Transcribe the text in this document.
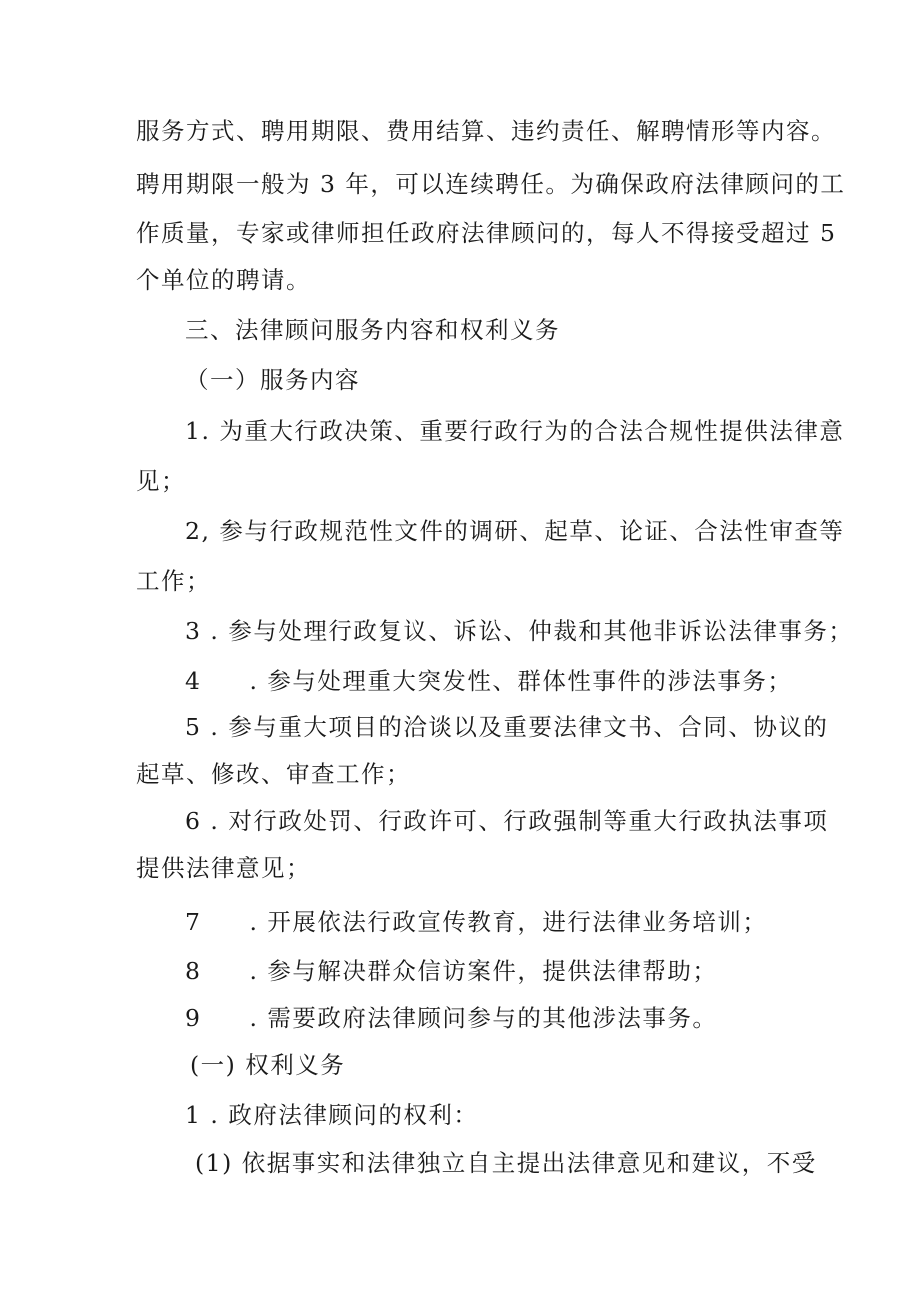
服务方式、聘用期限、费用结算、违约责任、解聘情形等内容。
聘用期限一般为 3 年，可以连续聘任。为确保政府法律顾问的工
作质量，专家或律师担任政府法律顾问的，每人不得接受超过 5
个单位的聘请。
三、法律顾问服务内容和权利义务
（一）服务内容
1. 为重大行政决策、重要行政行为的合法合规性提供法律意
见；
2, 参与行政规范性文件的调研、起草、论证、合法性审查等
工作；
3 . 参与处理行政复议、诉讼、仲裁和其他非诉讼法律事务；
4 . 参与处理重大突发性、群体性事件的涉法事务；
5 . 参与重大项目的洽谈以及重要法律文书、合同、协议的
起草、修改、审查工作；
6 . 对行政处罚、行政许可、行政强制等重大行政执法事项
提供法律意见；
7 . 开展依法行政宣传教育，进行法律业务培训；
8 . 参与解决群众信访案件，提供法律帮助；
9 . 需要政府法律顾问参与的其他涉法事务。
(一) 权利义务
1 . 政府法律顾问的权利：
(1) 依据事实和法律独立自主提出法律意见和建议，不受
